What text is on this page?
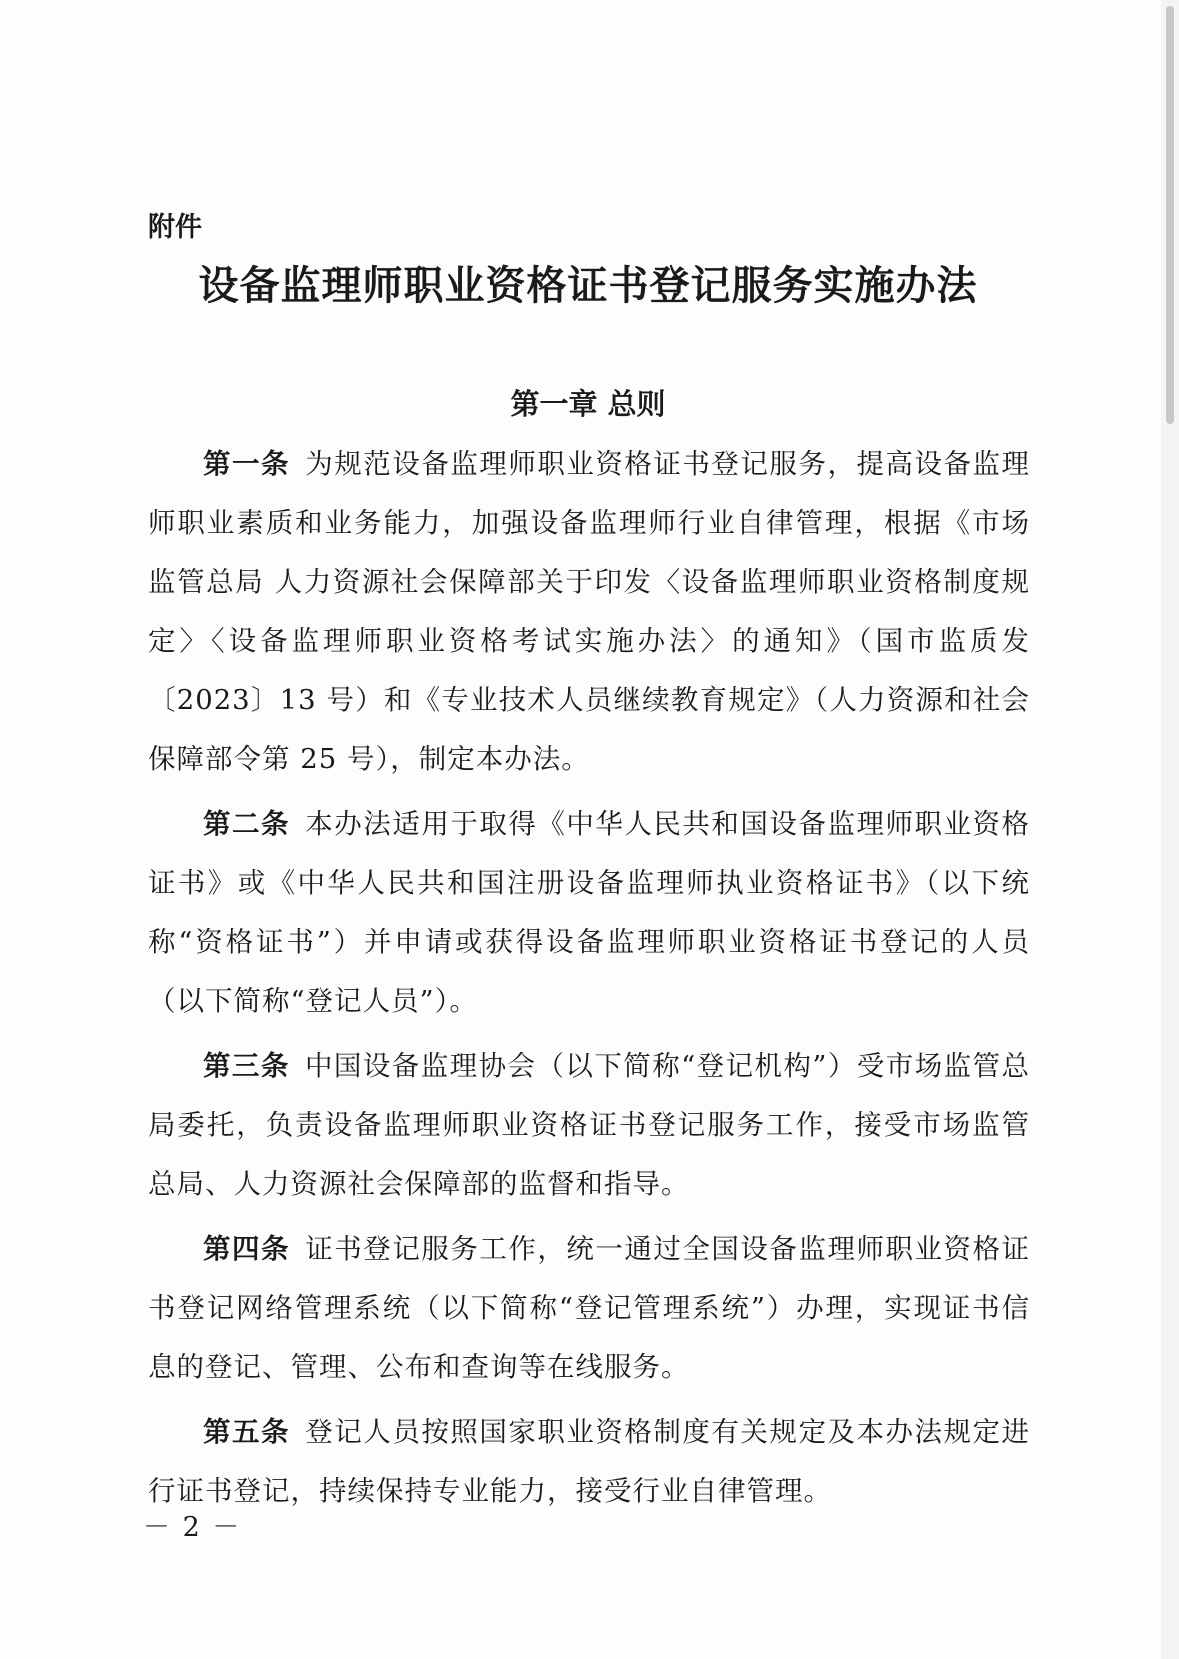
附件
设备监理师职业资格证书登记服务实施办法
第一章 总则

第一条  为规范设备监理师职业资格证书登记服务，提高设备监理师职业素质和业务能力，加强设备监理师行业自律管理，根据《市场监管总局 人力资源社会保障部关于印发〈设备监理师职业资格制度规定〉〈设备监理师职业资格考试实施办法〉的通知》（国市监质发〔2023〕13 号）和《专业技术人员继续教育规定》（人力资源和社会保障部令第 25 号），制定本办法。

第二条  本办法适用于取得《中华人民共和国设备监理师职业资格证书》或《中华人民共和国注册设备监理师执业资格证书》（以下统称“资格证书”）并申请或获得设备监理师职业资格证书登记的人员（以下简称“登记人员”）。

第三条  中国设备监理协会（以下简称“登记机构”）受市场监管总局委托，负责设备监理师职业资格证书登记服务工作，接受市场监管总局、人力资源社会保障部的监督和指导。

第四条  证书登记服务工作，统一通过全国设备监理师职业资格证书登记网络管理系统（以下简称“登记管理系统”）办理，实现证书信息的登记、管理、公布和查询等在线服务。

第五条  登记人员按照国家职业资格制度有关规定及本办法规定进行证书登记，持续保持专业能力，接受行业自律管理。

－ 2 －
